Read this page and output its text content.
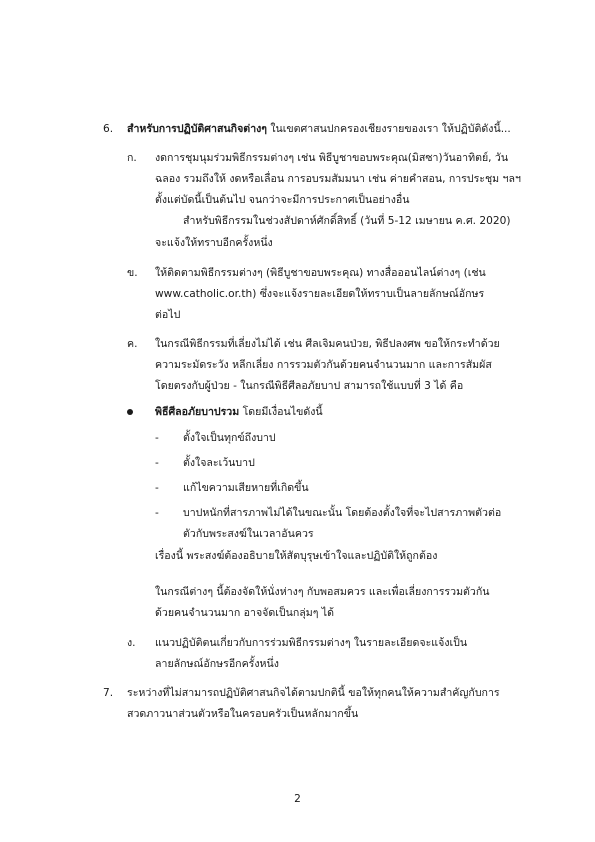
6. สำหรับการปฏิบัติศาสนกิจต่างๆ ในเขตศาสนปกครองเชียงรายของเรา ให้ปฏิบัติดังนี้...
ก. งดการชุมนุมร่วมพิธีกรรมต่างๆ เช่น พิธีบูชาขอบพระคุณ(มิสซา)วันอาทิตย์, วัน
ฉลอง รวมถึงให้ งดหรือเลื่อน การอบรมสัมมนา เช่น ค่ายคำสอน, การประชุม ฯลฯ
ตั้งแต่บัดนี้เป็นต้นไป จนกว่าจะมีการประกาศเป็นอย่างอื่น
สำหรับพิธีกรรมในช่วงสัปดาห์ศักดิ์สิทธิ์ (วันที่ 5-12 เมษายน ค.ศ. 2020)
จะแจ้งให้ทราบอีกครั้งหนึ่ง
ข. ให้ติดตามพิธีกรรมต่างๆ (พิธีบูชาขอบพระคุณ) ทางสื่อออนไลน์ต่างๆ (เช่น
www.catholic.or.th) ซึ่งจะแจ้งรายละเอียดให้ทราบเป็นลายลักษณ์อักษร
ต่อไป
ค. ในกรณีพิธีกรรมที่เลี่ยงไม่ได้ เช่น ศีลเจิมคนป่วย, พิธีปลงศพ ขอให้กระทำด้วย
ความระมัดระวัง หลีกเลี่ยง การรวมตัวกันด้วยคนจำนวนมาก และการสัมผัส
โดยตรงกับผู้ป่วย - ในกรณีพิธีศีลอภัยบาป สามารถใช้แบบที่ 3 ได้ คือ
พิธีศีลอภัยบาปรวม โดยมีเงื่อนไขดังนี้
- ตั้งใจเป็นทุกข์ถึงบาป
- ตั้งใจละเว้นบาป
- แก้ไขความเสียหายที่เกิดขึ้น
- บาปหนักที่สารภาพไม่ได้ในขณะนั้น โดยต้องตั้งใจที่จะไปสารภาพตัวต่อ
ตัวกับพระสงฆ์ในเวลาอันควร
เรื่องนี้ พระสงฆ์ต้องอธิบายให้สัตบุรุษเข้าใจและปฏิบัติให้ถูกต้อง
ในกรณีต่างๆ นี้ต้องจัดให้นั่งห่างๆ กับพอสมควร และเพื่อเลี่ยงการรวมตัวกัน
ด้วยคนจำนวนมาก อาจจัดเป็นกลุ่มๆ ได้
ง. แนวปฏิบัติตนเกี่ยวกับการร่วมพิธีกรรมต่างๆ ในรายละเอียดจะแจ้งเป็น
ลายลักษณ์อักษรอีกครั้งหนึ่ง
7. ระหว่างที่ไม่สามารถปฏิบัติศาสนกิจได้ตามปกตินี้ ขอให้ทุกคนให้ความสำคัญกับการ
สวดภาวนาส่วนตัวหรือในครอบครัวเป็นหลักมากขึ้น
2
